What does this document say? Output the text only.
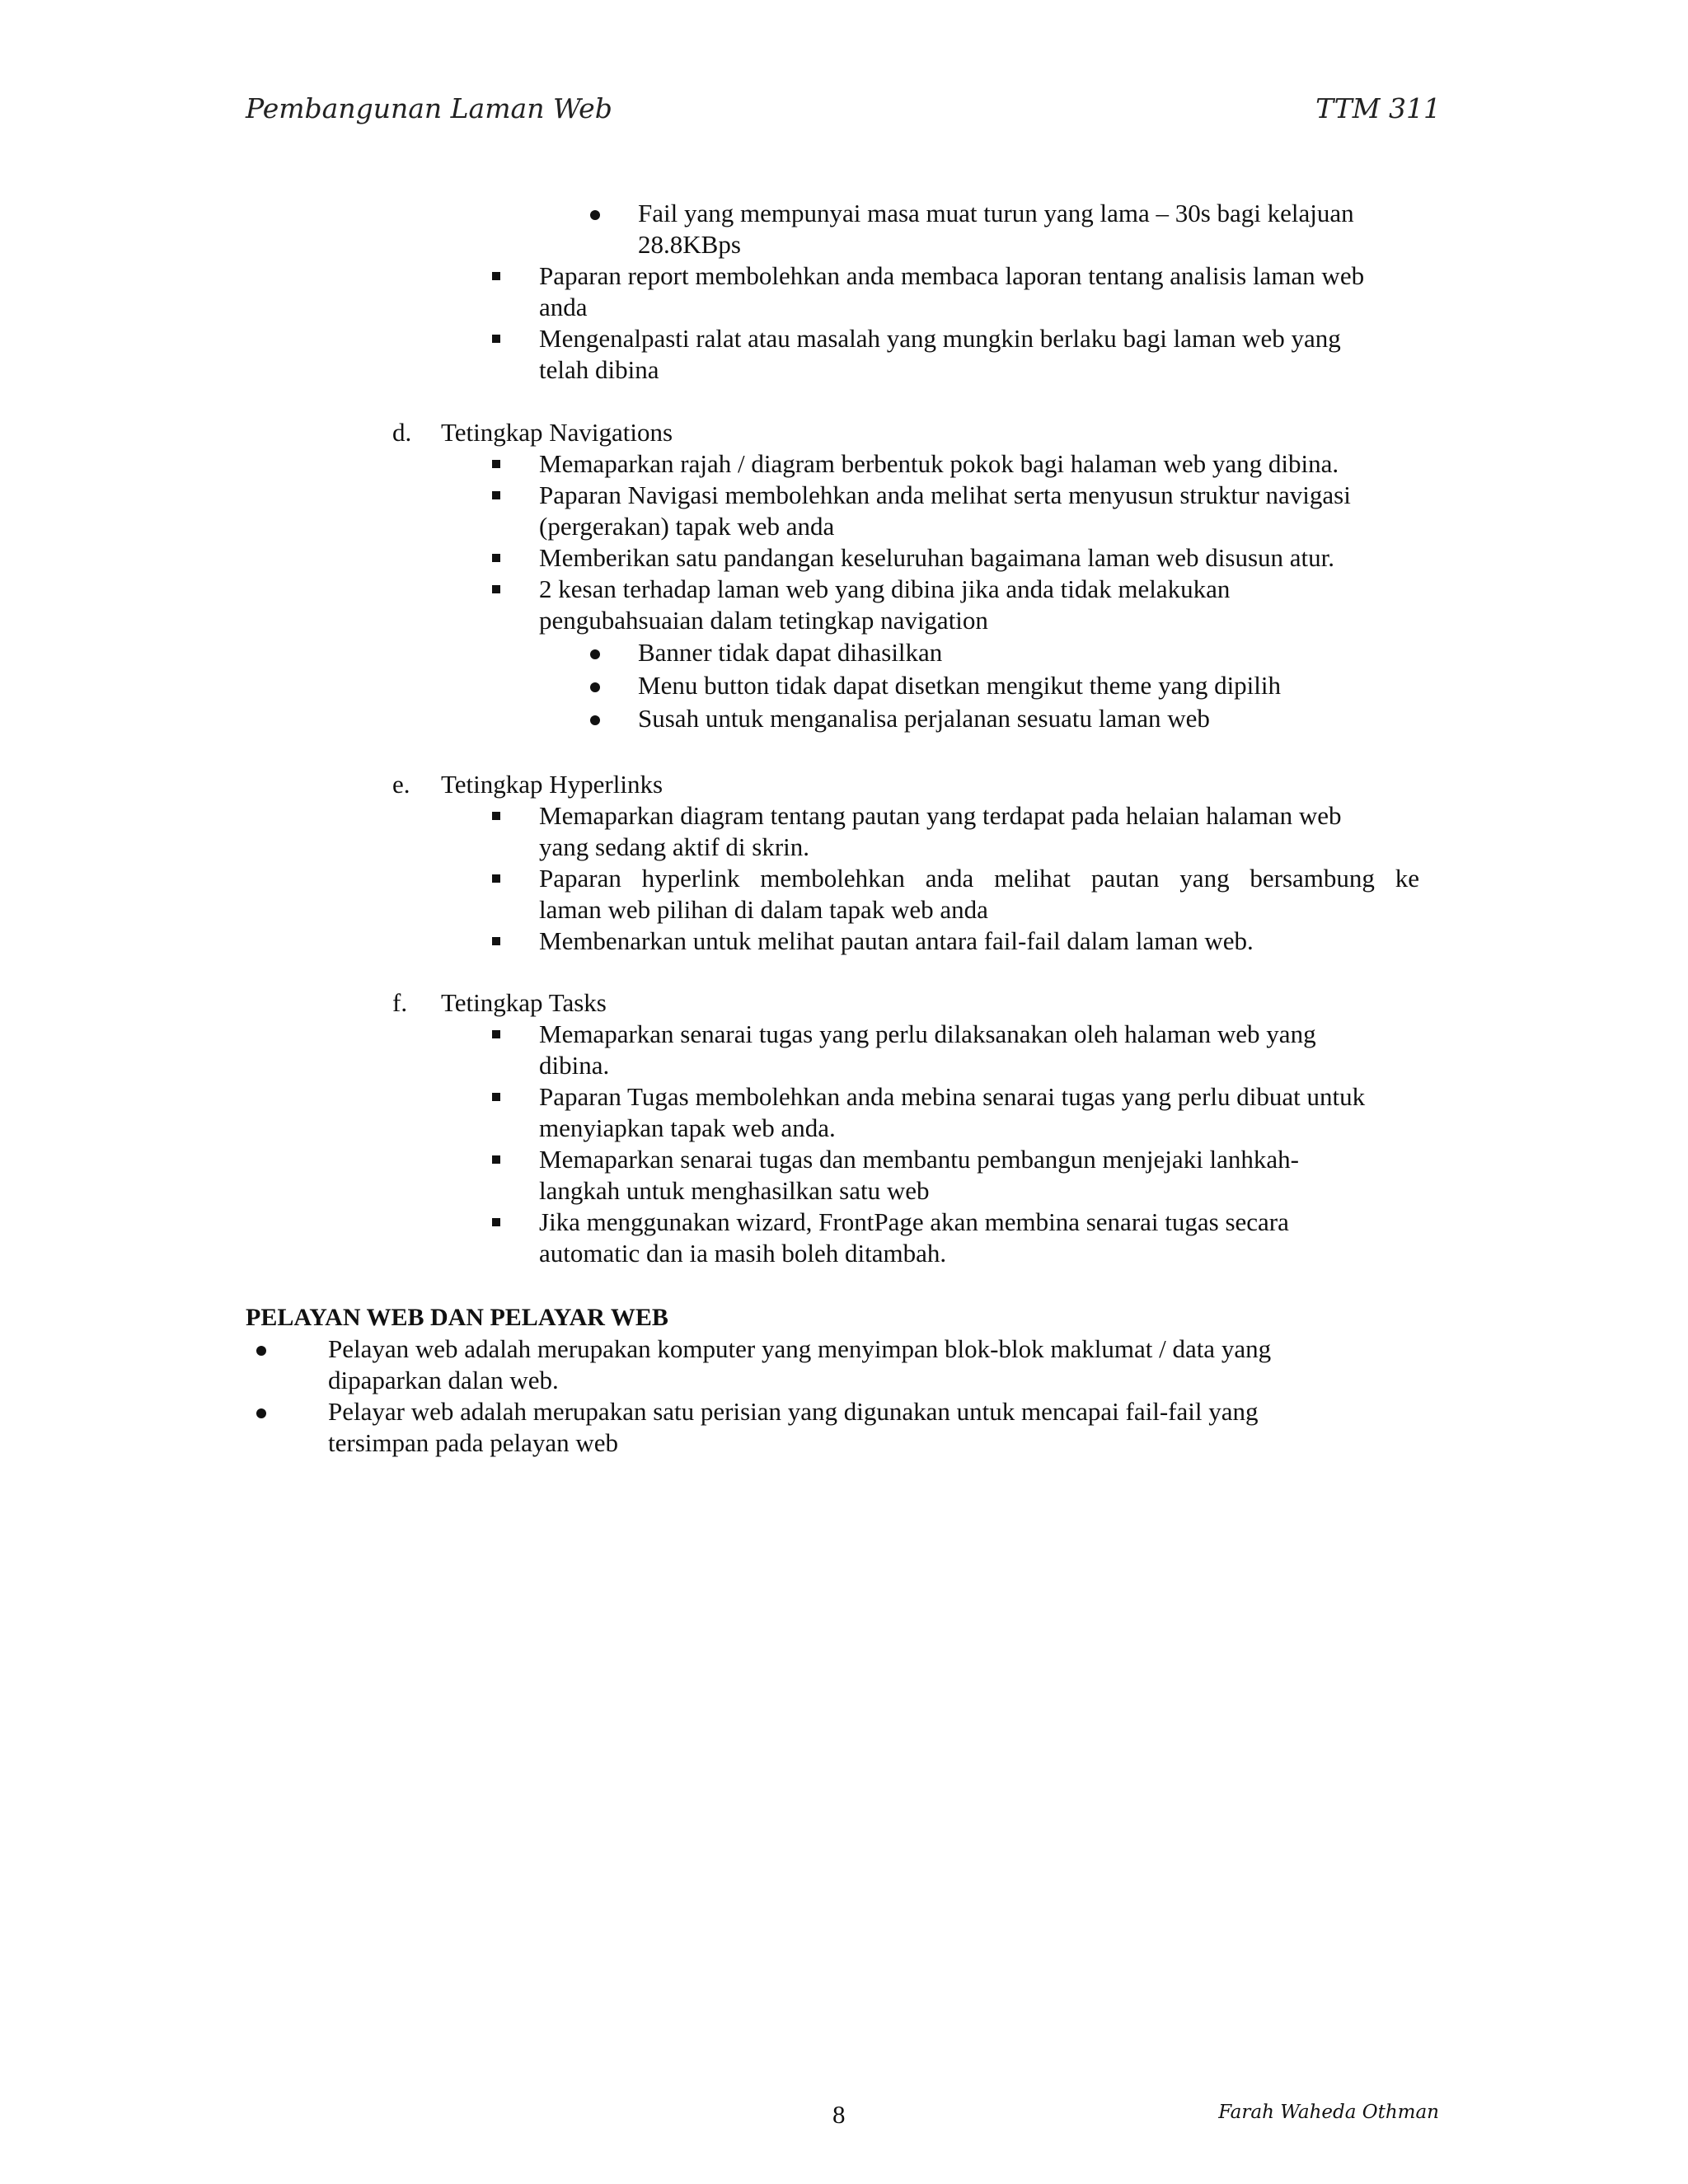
Pembangunan Laman Web	TTM 311
Fail yang mempunyai masa muat turun yang lama – 30s bagi kelajuan
28.8KBps
Paparan report membolehkan anda membaca laporan tentang analisis laman web
anda
Mengenalpasti ralat atau masalah yang mungkin berlaku bagi laman web yang
telah dibina
d. Tetingkap Navigations
Memaparkan rajah / diagram berbentuk pokok bagi halaman web yang dibina.
Paparan Navigasi membolehkan anda melihat serta menyusun struktur navigasi
(pergerakan) tapak web anda
Memberikan satu pandangan keseluruhan bagaimana laman web disusun atur.
2 kesan terhadap laman web yang dibina jika anda tidak melakukan
pengubahsuaian dalam tetingkap navigation
Banner tidak dapat dihasilkan
Menu button tidak dapat disetkan mengikut theme yang dipilih
Susah untuk menganalisa perjalanan sesuatu laman web
e. Tetingkap Hyperlinks
Memaparkan diagram tentang pautan yang terdapat pada helaian halaman web
yang sedang aktif di skrin.
Paparan hyperlink membolehkan anda melihat pautan yang bersambung ke
laman web pilihan di dalam tapak web anda
Membenarkan untuk melihat pautan antara fail-fail dalam laman web.
f. Tetingkap Tasks
Memaparkan senarai tugas yang perlu dilaksanakan oleh halaman web yang
dibina.
Paparan Tugas membolehkan anda mebina senarai tugas yang perlu dibuat untuk
menyiapkan tapak web anda.
Memaparkan senarai tugas dan membantu pembangun menjejaki lanhkah-
langkah untuk menghasilkan satu web
Jika menggunakan wizard, FrontPage akan membina senarai tugas secara
automatic dan ia masih boleh ditambah.
PELAYAN WEB DAN PELAYAR WEB
Pelayan web adalah merupakan komputer yang menyimpan blok-blok maklumat / data yang
dipaparkan dalan web.
Pelayar web adalah merupakan satu perisian yang digunakan untuk mencapai fail-fail yang
tersimpan pada pelayan web
8	Farah Waheda Othman
